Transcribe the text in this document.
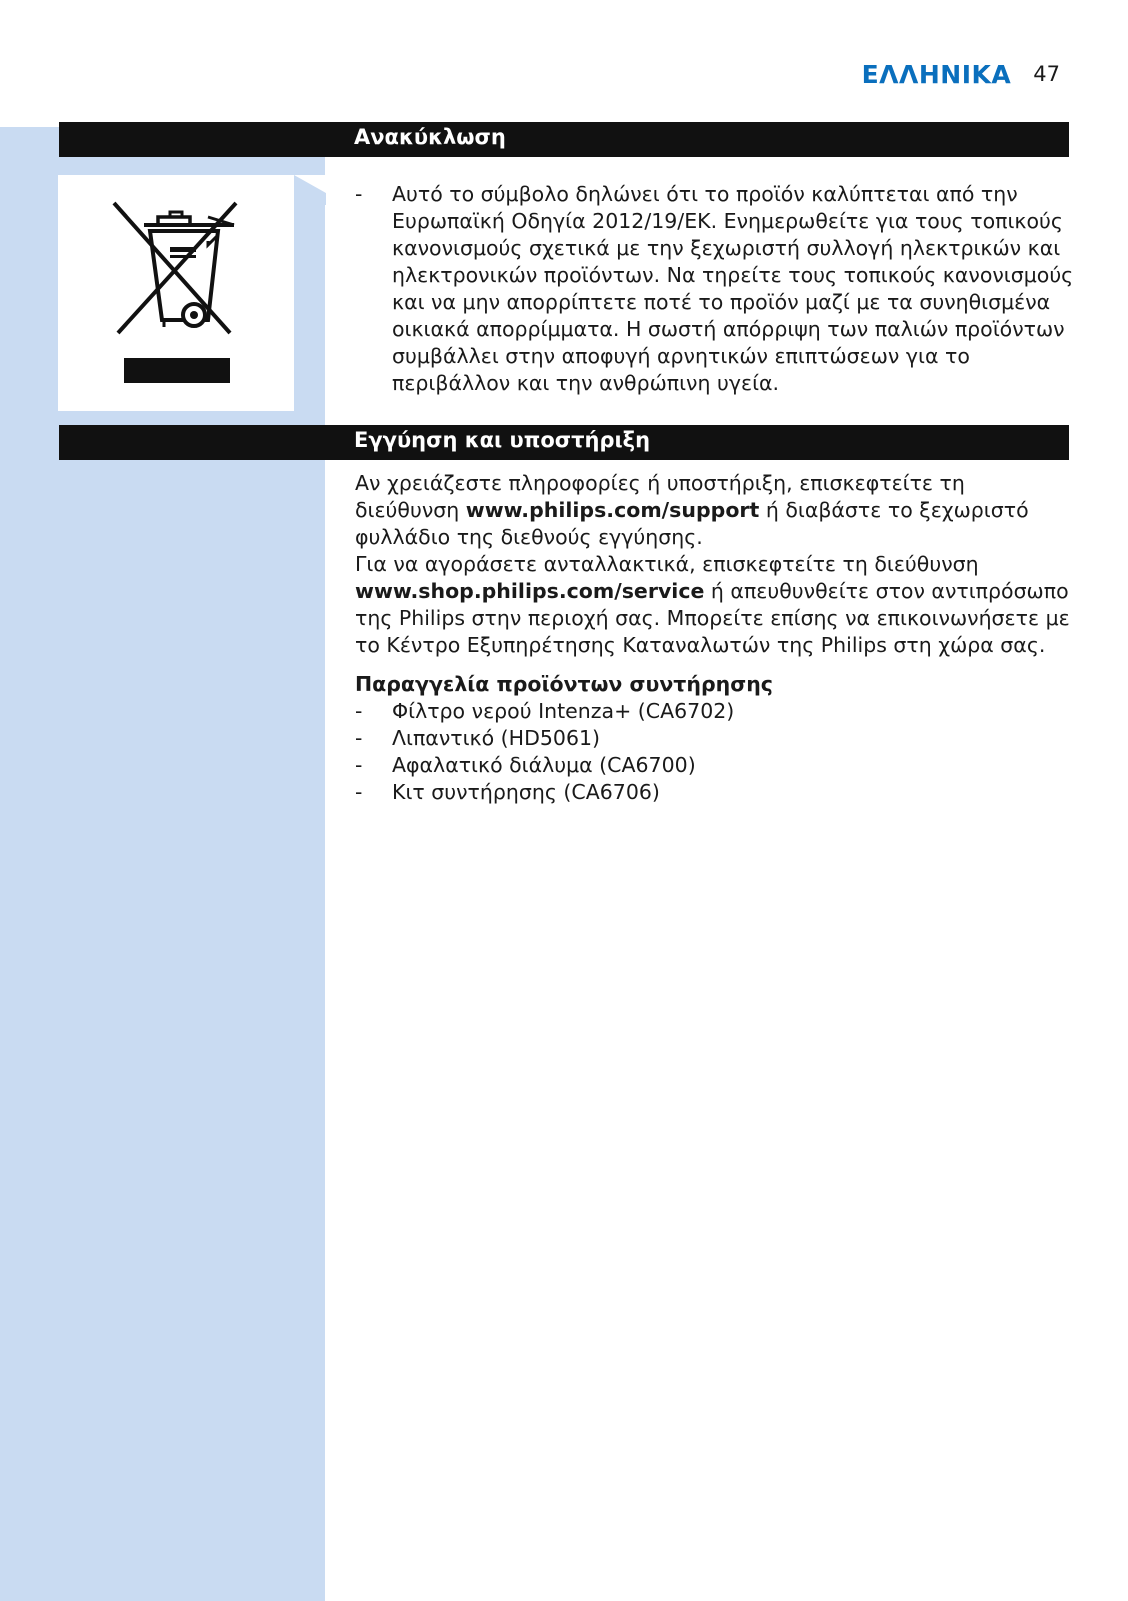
ΕΛΛΗΝΙΚΑ 47
Ανακύκλωση
- Αυτό το σύμβολο δηλώνει ότι το προϊόν καλύπτεται από την Ευρωπαϊκή Οδηγία 2012/19/ΕΚ. Ενημερωθείτε για τους τοπικούς κανονισμούς σχετικά με την ξεχωριστή συλλογή ηλεκτρικών και ηλεκτρονικών προϊόντων. Να τηρείτε τους τοπικούς κανονισμούς και να μην απορρίπτετε ποτέ το προϊόν μαζί με τα συνηθισμένα οικιακά απορρίμματα. Η σωστή απόρριψη των παλιών προϊόντων συμβάλλει στην αποφυγή αρνητικών επιπτώσεων για το περιβάλλον και την ανθρώπινη υγεία.
Εγγύηση και υποστήριξη

Αν χρειάζεστε πληροφορίες ή υποστήριξη, επισκεφτείτε τη διεύθυνση www.philips.com/support ή διαβάστε το ξεχωριστό φυλλάδιο της διεθνούς εγγύησης.

Για να αγοράσετε ανταλλακτικά, επισκεφτείτε τη διεύθυνση www.shop.philips.com/service ή απευθυνθείτε στον αντιπρόσωπο της Philips στην περιοχή σας. Μπορείτε επίσης να επικοινωνήσετε με το Κέντρο Εξυπηρέτησης Καταναλωτών της Philips στη χώρα σας.

Παραγγελία προϊόντων συντήρησης
- Φίλτρο νερού Intenza+ (CA6702)
- Λιπαντικό (HD5061)
- Αφαλατικό διάλυμα (CA6700)
- Κιτ συντήρησης (CA6706)
